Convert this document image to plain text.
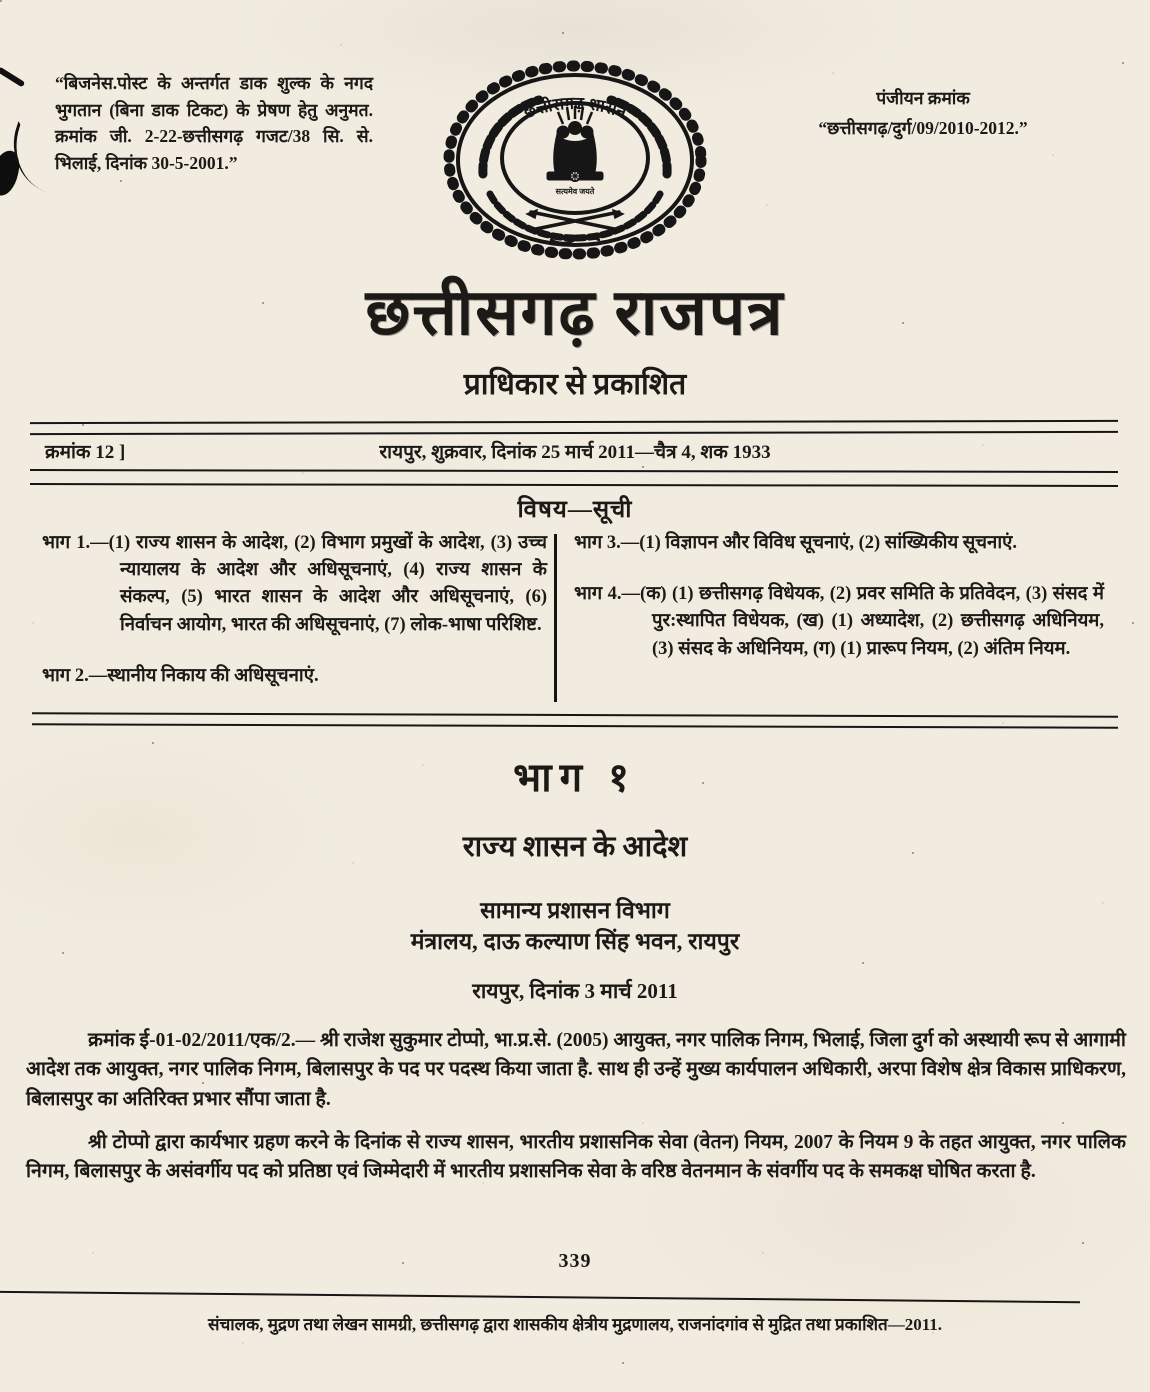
“बिजनेस.पोस्ट के अन्तर्गत डाक शुल्क के नगद भुगतान (बिना डाक टिकट) के प्रेषण हेतु अनुमत. क्रमांक जी. 2-22-छत्तीसगढ़ गजट/38 सि. से. भिलाई, दिनांक 30-5-2001.”
छत्तीसगढ़ शासन
सत्यमेव जयते
पंजीयन क्रमांक
“छत्तीसगढ़/दुर्ग/09/2010-2012.”
छत्तीसगढ़ राजपत्र
प्राधिकार से प्रकाशित
क्रमांक 12 ]	रायपुर, शुक्रवार, दिनांक 25 मार्च 2011—चैत्र 4, शक 1933
विषय—सूची
भाग 1.—(1) राज्य शासन के आदेश, (2) विभाग प्रमुखों के आदेश, (3) उच्च न्यायालय के आदेश और अधिसूचनाएं, (4) राज्य शासन के संकल्प, (5) भारत शासन के आदेश और अधिसूचनाएं, (6) निर्वाचन आयोग, भारत की अधिसूचनाएं, (7) लोक-भाषा परिशिष्ट.
भाग 2.—स्थानीय निकाय की अधिसूचनाएं.
भाग 3.—(1) विज्ञापन और विविध सूचनाएं, (2) सांख्यिकीय सूचनाएं.
भाग 4.—(क) (1) छत्तीसगढ़ विधेयक, (2) प्रवर समिति के प्रतिवेदन, (3) संसद में पुर:स्थापित विधेयक, (ख) (1) अध्यादेश, (2) छत्तीसगढ़ अधिनियम, (3) संसद के अधिनियम, (ग) (1) प्रारूप नियम, (2) अंतिम नियम.
भाग १
राज्य शासन के आदेश
सामान्य प्रशासन विभाग
मंत्रालय, दाऊ कल्याण सिंह भवन, रायपुर
रायपुर, दिनांक 3 मार्च 2011
क्रमांक ई-01-02/2011/एक/2.— श्री राजेश सुकुमार टोप्पो, भा.प्र.से. (2005) आयुक्त, नगर पालिक निगम, भिलाई, जिला दुर्ग को अस्थायी रूप से आगामी आदेश तक आयुक्त, नगर पालिक निगम, बिलासपुर के पद पर पदस्थ किया जाता है. साथ ही उन्हें मुख्य कार्यपालन अधिकारी, अरपा विशेष क्षेत्र विकास प्राधिकरण, बिलासपुर का अतिरिक्त प्रभार सौंपा जाता है.
श्री टोप्पो द्वारा कार्यभार ग्रहण करने के दिनांक से राज्य शासन, भारतीय प्रशासनिक सेवा (वेतन) नियम, 2007 के नियम 9 के तहत आयुक्त, नगर पालिक निगम, बिलासपुर के असंवर्गीय पद को प्रतिष्ठा एवं जिम्मेदारी में भारतीय प्रशासनिक सेवा के वरिष्ठ वेतनमान के संवर्गीय पद के समकक्ष घोषित करता है.
339
संचालक, मुद्रण तथा लेखन सामग्री, छत्तीसगढ़ द्वारा शासकीय क्षेत्रीय मुद्रणालय, राजनांदगांव से मुद्रित तथा प्रकाशित—2011.
